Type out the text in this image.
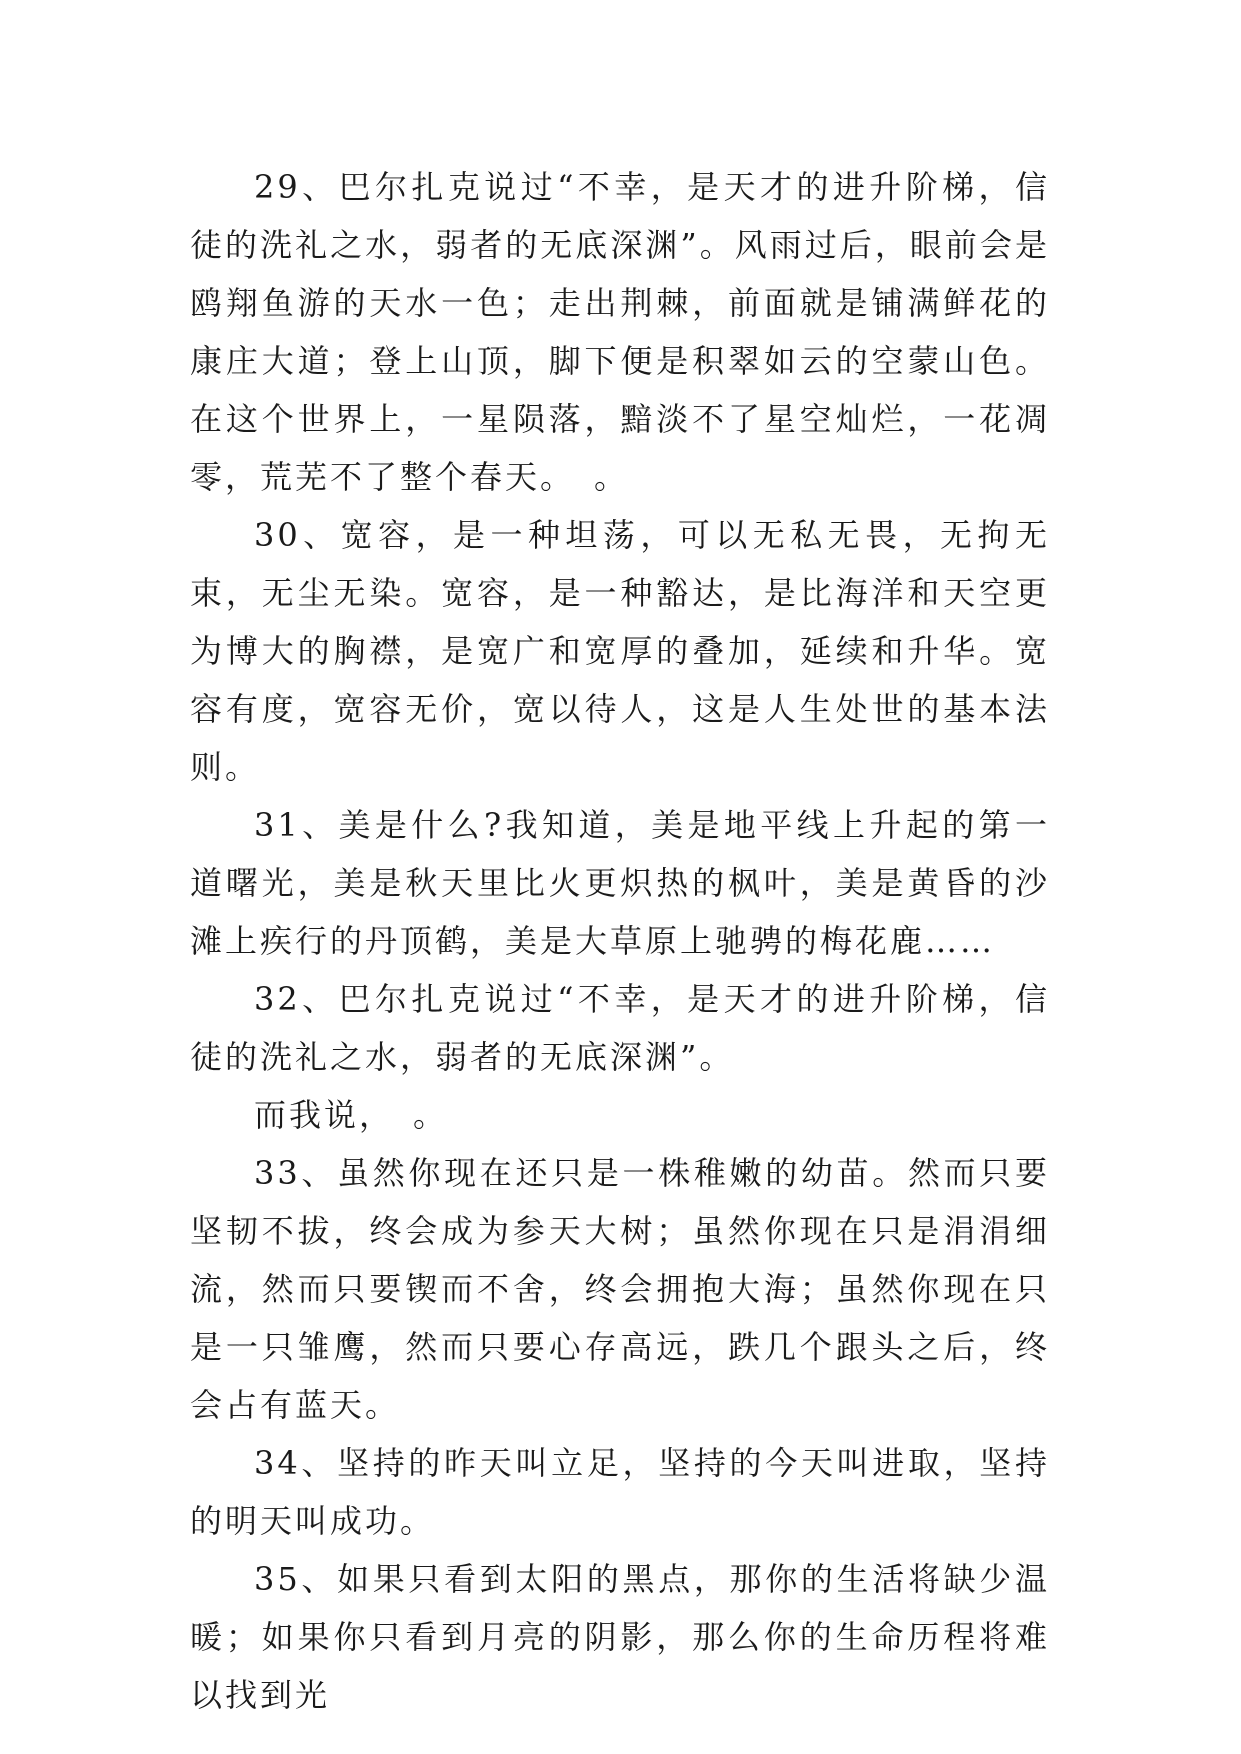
29、巴尔扎克说过“不幸，是天才的进升阶梯，信徒的洗礼之水，弱者的无底深渊”。风雨过后，眼前会是鸥翔鱼游的天水一色；走出荆棘，前面就是铺满鲜花的康庄大道；登上山顶，脚下便是积翠如云的空蒙山色。在这个世界上，一星陨落，黯淡不了星空灿烂，一花凋零，荒芜不了整个春天。　。

30、宽容，是一种坦荡，可以无私无畏，无拘无束，无尘无染。宽容，是一种豁达，是比海洋和天空更为博大的胸襟，是宽广和宽厚的叠加，延续和升华。宽容有度，宽容无价，宽以待人，这是人生处世的基本法则。

31、美是什么?我知道，美是地平线上升起的第一道曙光，美是秋天里比火更炽热的枫叶，美是黄昏的沙滩上疾行的丹顶鹤，美是大草原上驰骋的梅花鹿……

32、巴尔扎克说过“不幸，是天才的进升阶梯，信徒的洗礼之水，弱者的无底深渊”。

而我说，　。

33、虽然你现在还只是一株稚嫩的幼苗。然而只要坚韧不拔，终会成为参天大树；虽然你现在只是涓涓细流，然而只要锲而不舍，终会拥抱大海；虽然你现在只是一只雏鹰，然而只要心存高远，跌几个跟头之后，终会占有蓝天。

34、坚持的昨天叫立足，坚持的今天叫进取，坚持的明天叫成功。

35、如果只看到太阳的黑点，那你的生活将缺少温暖；如果你只看到月亮的阴影，那么你的生命历程将难以找到光
